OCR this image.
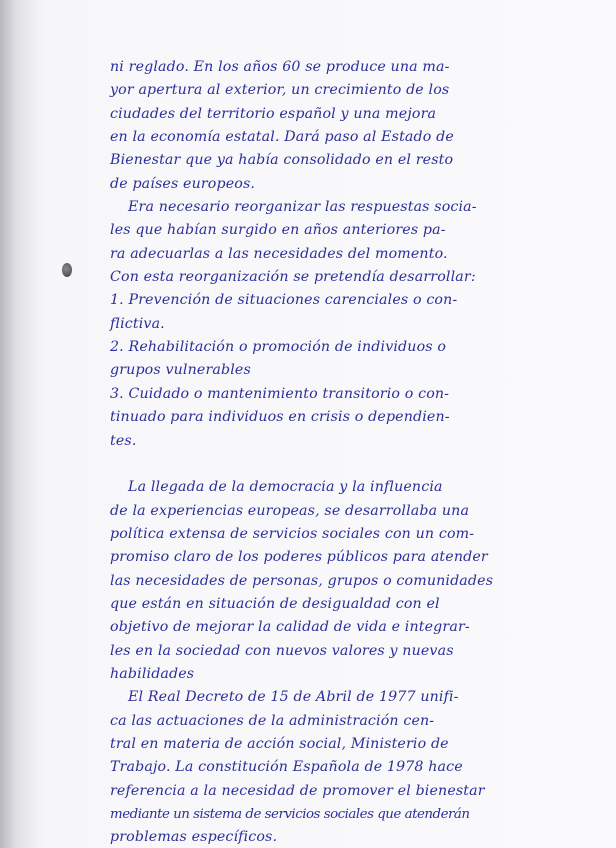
ni reglado. En los años 60 se produce una ma-
yor apertura al exterior, un crecimiento de los
ciudades del territorio español y una mejora
en la economía estatal. Dará paso al Estado de
Bienestar que ya había consolidado en el resto
de países europeos.
Era necesario reorganizar las respuestas socia-
les que habían surgido en años anteriores pa-
ra adecuarlas a las necesidades del momento.
Con esta reorganización se pretendía desarrollar:
1. Prevención de situaciones carenciales o con-
flictiva.
2. Rehabilitación o promoción de individuos o
grupos vulnerables
3. Cuidado o mantenimiento transitorio o con-
tinuado para individuos en crisis o dependien-
tes.
La llegada de la democracia y la influencia
de la experiencias europeas, se desarrollaba una
política extensa de servicios sociales con un com-
promiso claro de los poderes públicos para atender
las necesidades de personas, grupos o comunidades
que están en situación de desigualdad con el
objetivo de mejorar la calidad de vida e integrar-
les en la sociedad con nuevos valores y nuevas
habilidades
El Real Decreto de 15 de Abril de 1977 unifi-
ca las actuaciones de la administración cen-
tral en materia de acción social, Ministerio de
Trabajo. La constitución Española de 1978 hace
referencia a la necesidad de promover el bienestar
mediante un sistema de servicios sociales que atenderán
problemas específicos.
